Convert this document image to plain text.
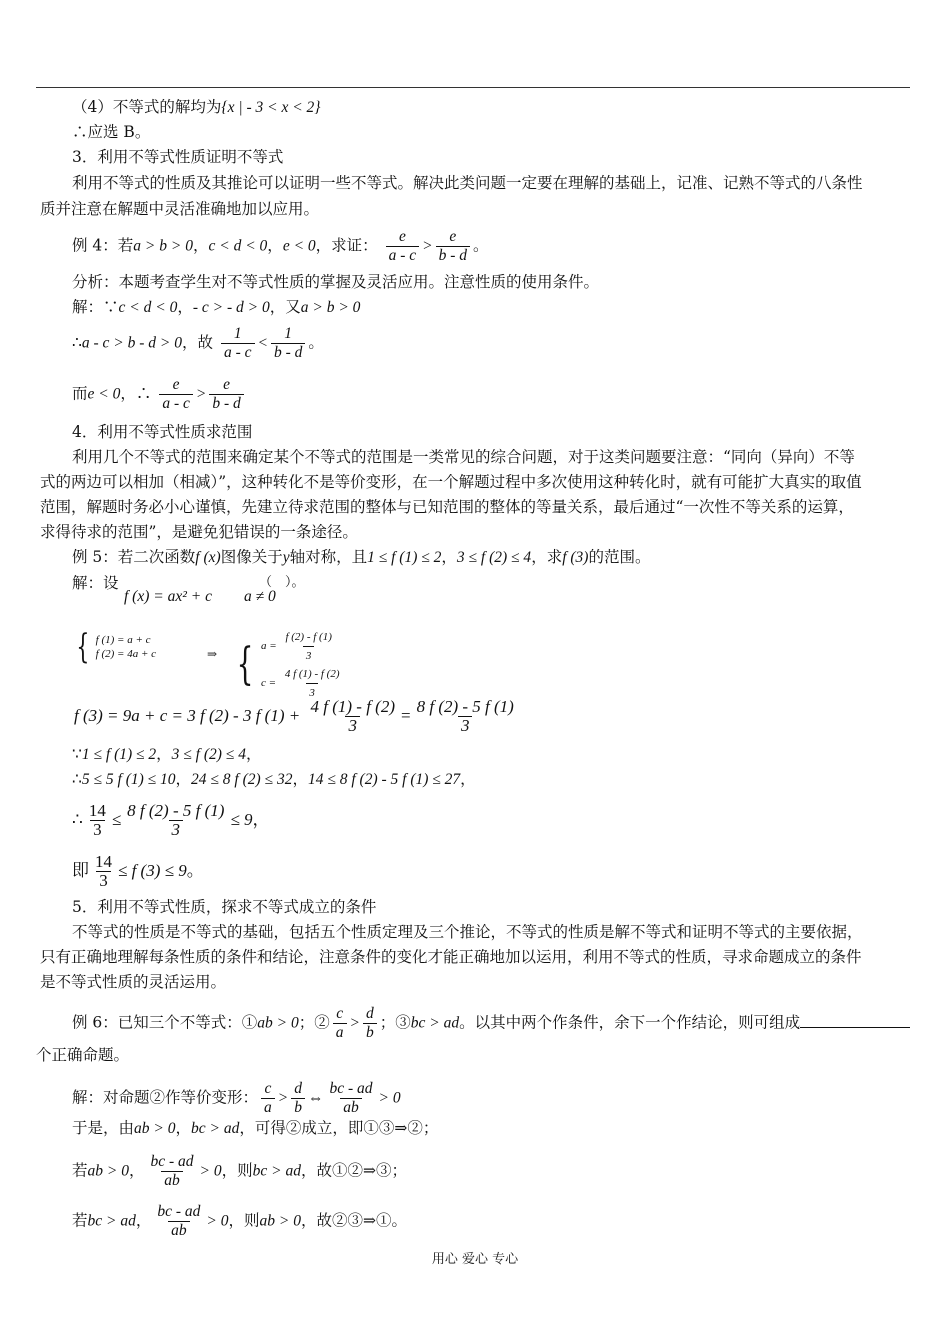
（4）不等式的解均为{x | - 3 < x < 2}
∴应选 B。
3．利用不等式性质证明不等式
利用不等式的性质及其推论可以证明一些不等式。解决此类问题一定要在理解的基础上，记准、记熟不等式的八条性
质并注意在解题中灵活准确地加以应用。
例 4：若a > b > 0，c < d < 0，e < 0，求证： $\frac{e}{a - c} > \frac{e}{b - d}$ 。
分析：本题考查学生对不等式性质的掌握及灵活应用。注意性质的使用条件。
解：∵c < d < 0，- c > - d > 0，又a > b > 0
∴a - c > b - d > 0，故 $\frac{1}{a - c} < \frac{1}{b - d}$ 。
而e < 0，∴ $\frac{e}{a - c} > \frac{e}{b - d}$
4．利用不等式性质求范围
利用几个不等式的范围来确定某个不等式的范围是一类常见的综合问题，对于这类问题要注意：“同向（异向）不等
式的两边可以相加（相减）”，这种转化不是等价变形，在一个解题过程中多次使用这种转化时，就有可能扩大真实的取值
范围，解题时务必小心谨慎，先建立待求范围的整体与已知范围的整体的等量关系，最后通过“一次性不等关系的运算，
求得待求的范围”，是避免犯错误的一条途径。
例 5：若二次函数f (x)图像关于y轴对称，且1 ≤ f (1) ≤ 2，3 ≤ f (2) ≤ 4，求f (3)的范围。
解：设
f (x) = ax² + c
（
a ≠ 0
）。
{ f (1) = a + c
f (2) = 4a + c	⇒ { $a = \frac{f (2) - f (1)}{3}$
$c = \frac{4 f (1) - f (2)}{3}$
f (3) = 9a + c = 3 f (2) - 3 f $(1) + \frac{4 f (1) - f (2)}{3} = \frac{8 f (2) - 5 f (1)}{3}$
∵1 ≤ f (1) ≤ 2，3 ≤ f (2) ≤ 4，
∴5 ≤ 5 f (1) ≤ 10，24 ≤ 8 f (2) ≤ 32，14 ≤ 8 f (2) - 5 f (1) ≤ 27，
∴ $\frac{14}{3} \le \frac{8 f (2) - 5 f (1)}{3} \le 9$，
即 $\frac{14}{3} \le f$ (3) ≤ 9。
5．利用不等式性质，探求不等式成立的条件
不等式的性质是不等式的基础，包括五个性质定理及三个推论，不等式的性质是解不等式和证明不等式的主要依据，
只有正确地理解每条性质的条件和结论，注意条件的变化才能正确地加以运用，利用不等式的性质，寻求命题成立的条件
是不等式性质的灵活运用。
例 6：已知三个不等式：①ab > 0；② $\frac{c}{a} > \frac{d}{b}$ ；③bc > ad。以其中两个作条件，余下一个作结论，则可组成
个正确命题。
解：对命题②作等价变形： $\frac{c}{a} > \frac{d}{b}$ ⇔ $\frac{bc - ad}{ab} > 0$
于是，由ab > 0，bc > ad，可得②成立，即①③⇒②；
若ab > 0， $\frac{bc - ad}{ab} > 0$，则bc > ad，故①②⇒③；
若bc > ad， $\frac{bc - ad}{ab} > 0$，则ab > 0，故②③⇒①。
用心 爱心 专心
